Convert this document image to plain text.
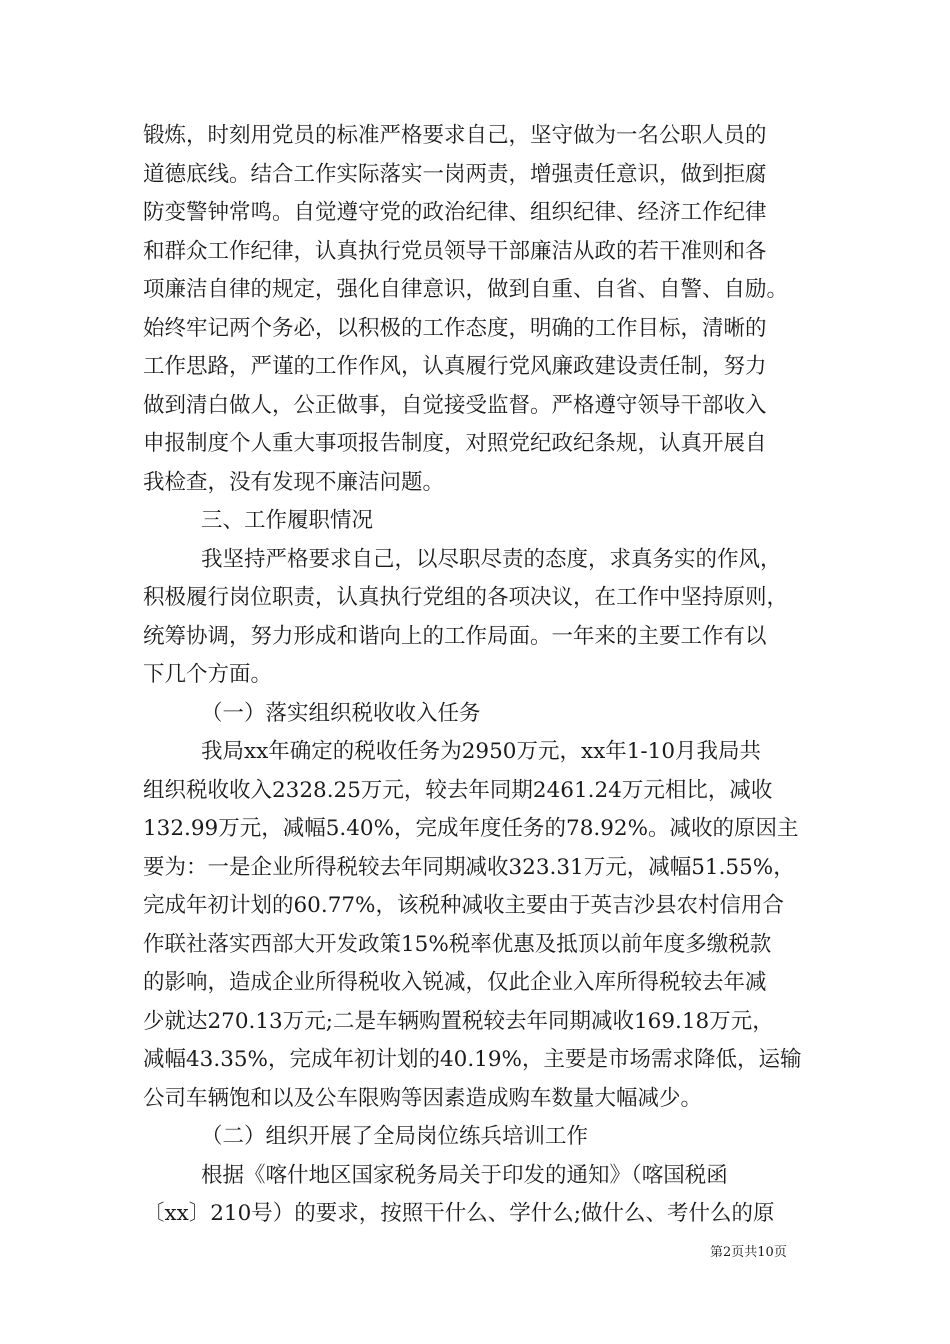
锻炼，时刻用党员的标准严格要求自己，坚守做为一名公职人员的
道德底线。结合工作实际落实一岗两责，增强责任意识，做到拒腐
防变警钟常鸣。自觉遵守党的政治纪律、组织纪律、经济工作纪律
和群众工作纪律，认真执行党员领导干部廉洁从政的若干准则和各
项廉洁自律的规定，强化自律意识，做到自重、自省、自警、自励。
始终牢记两个务必，以积极的工作态度，明确的工作目标，清晰的
工作思路，严谨的工作作风，认真履行党风廉政建设责任制，努力
做到清白做人，公正做事，自觉接受监督。严格遵守领导干部收入
申报制度个人重大事项报告制度，对照党纪政纪条规，认真开展自
我检查，没有发现不廉洁问题。
三、工作履职情况
我坚持严格要求自己，以尽职尽责的态度，求真务实的作风，
积极履行岗位职责，认真执行党组的各项决议，在工作中坚持原则，
统筹协调，努力形成和谐向上的工作局面。一年来的主要工作有以
下几个方面。
（一）落实组织税收收入任务
我局xx年确定的税收任务为2950万元，xx年1-10月我局共
组织税收收入2328.25万元，较去年同期2461.24万元相比，减收
132.99万元，减幅5.40%，完成年度任务的78.92%。减收的原因主
要为：一是企业所得税较去年同期减收323.31万元，减幅51.55%，
完成年初计划的60.77%，该税种减收主要由于英吉沙县农村信用合
作联社落实西部大开发政策15%税率优惠及抵顶以前年度多缴税款
的影响，造成企业所得税收入锐减，仅此企业入库所得税较去年减
少就达270.13万元;二是车辆购置税较去年同期减收169.18万元，
减幅43.35%，完成年初计划的40.19%，主要是市场需求降低，运输
公司车辆饱和以及公车限购等因素造成购车数量大幅减少。
（二）组织开展了全局岗位练兵培训工作
根据《喀什地区国家税务局关于印发的通知》（喀国税函
〔xx〕210号）的要求，按照干什么、学什么;做什么、考什么的原
第2页共10页
